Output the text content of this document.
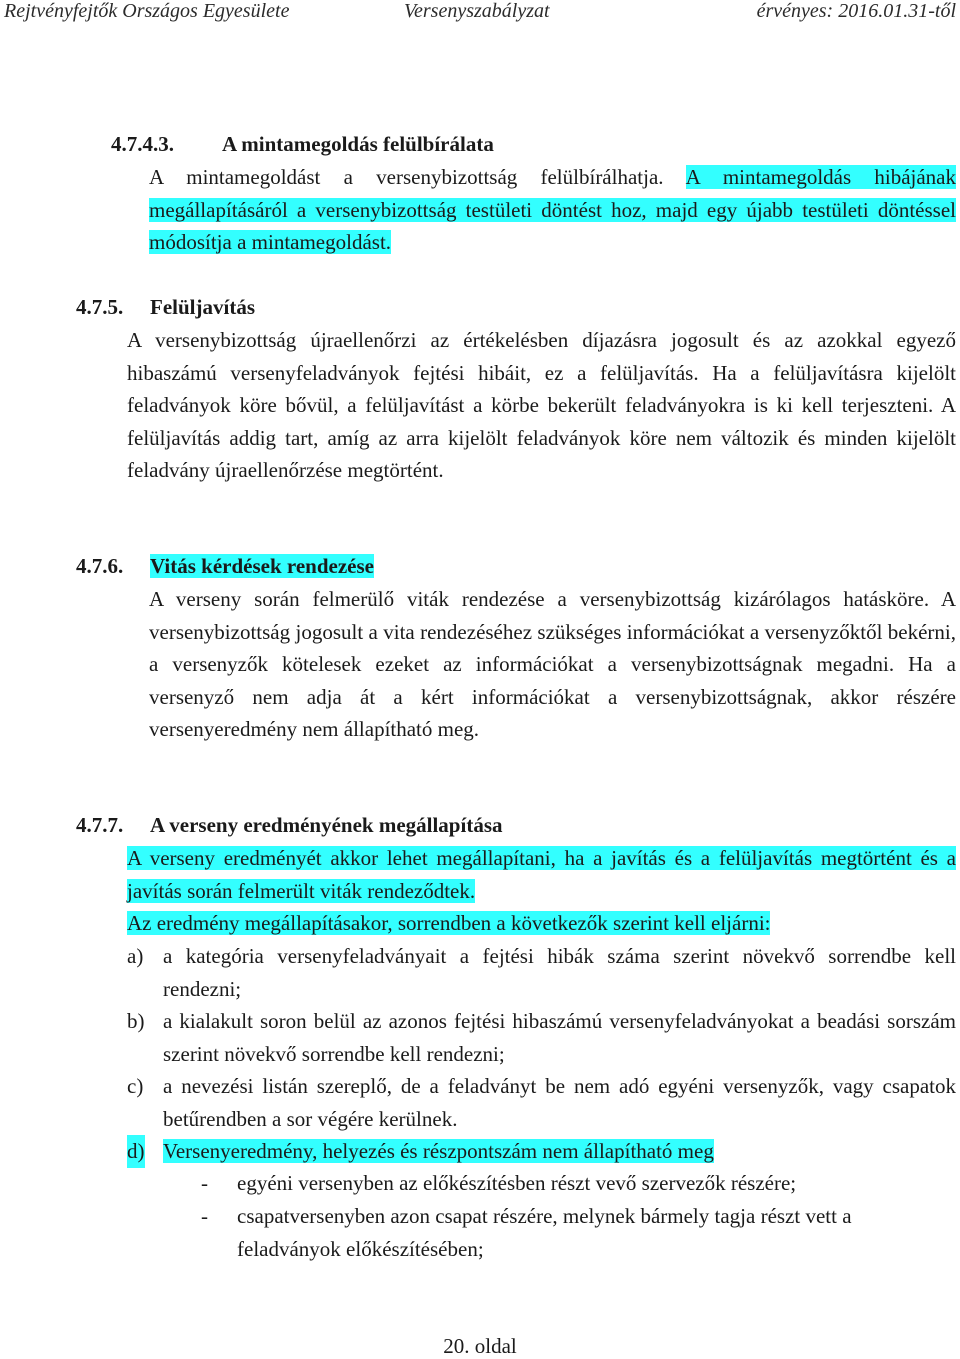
Rejtvényfejtők Országos Egyesülete	Versenyszabályzat	érvényes: 2016.01.31-től
4.7.4.3. A mintamegoldás felülbírálata
A mintamegoldást a versenybizottság felülbírálhatja. A mintamegoldás hibájának megállapításáról a versenybizottság testületi döntést hoz, majd egy újabb testületi döntéssel módosítja a mintamegoldást.
4.7.5. Felüljavítás
A versenybizottság újraellenőrzi az értékelésben díjazásra jogosult és az azokkal egyező hibaszámú versenyfeladványok fejtési hibáit, ez a felüljavítás. Ha a felüljavításra kijelölt feladványok köre bővül, a felüljavítást a körbe bekerült feladványokra is ki kell terjeszteni. A felüljavítás addig tart, amíg az arra kijelölt feladványok köre nem változik és minden kijelölt feladvány újraellenőrzése megtörtént.
4.7.6. Vitás kérdések rendezése
A verseny során felmerülő viták rendezése a versenybizottság kizárólagos hatásköre. A versenybizottság jogosult a vita rendezéséhez szükséges információkat a versenyzőktől bekérni, a versenyzők kötelesek ezeket az információkat a versenybizottságnak megadni. Ha a versenyző nem adja át a kért információkat a versenybizottságnak, akkor részére versenyeredmény nem állapítható meg.
4.7.7. A verseny eredményének megállapítása
A verseny eredményét akkor lehet megállapítani, ha a javítás és a felüljavítás megtörtént és a javítás során felmerült viták rendeződtek.
Az eredmény megállapításakor, sorrendben a következők szerint kell eljárni:
a) a kategória versenyfeladványait a fejtési hibák száma szerint növekvő sorrendbe kell rendezni;
b) a kialakult soron belül az azonos fejtési hibaszámú versenyfeladványokat a beadási sorszám szerint növekvő sorrendbe kell rendezni;
c) a nevezési listán szereplő, de a feladványt be nem adó egyéni versenyzők, vagy csapatok betűrendben a sor végére kerülnek.
d) Versenyeredmény, helyezés és részpontszám nem állapítható meg
- egyéni versenyben az előkészítésben részt vevő szervezők részére;
- csapatversenyben azon csapat részére, melynek bármely tagja részt vett a feladványok előkészítésében;
20. oldal
